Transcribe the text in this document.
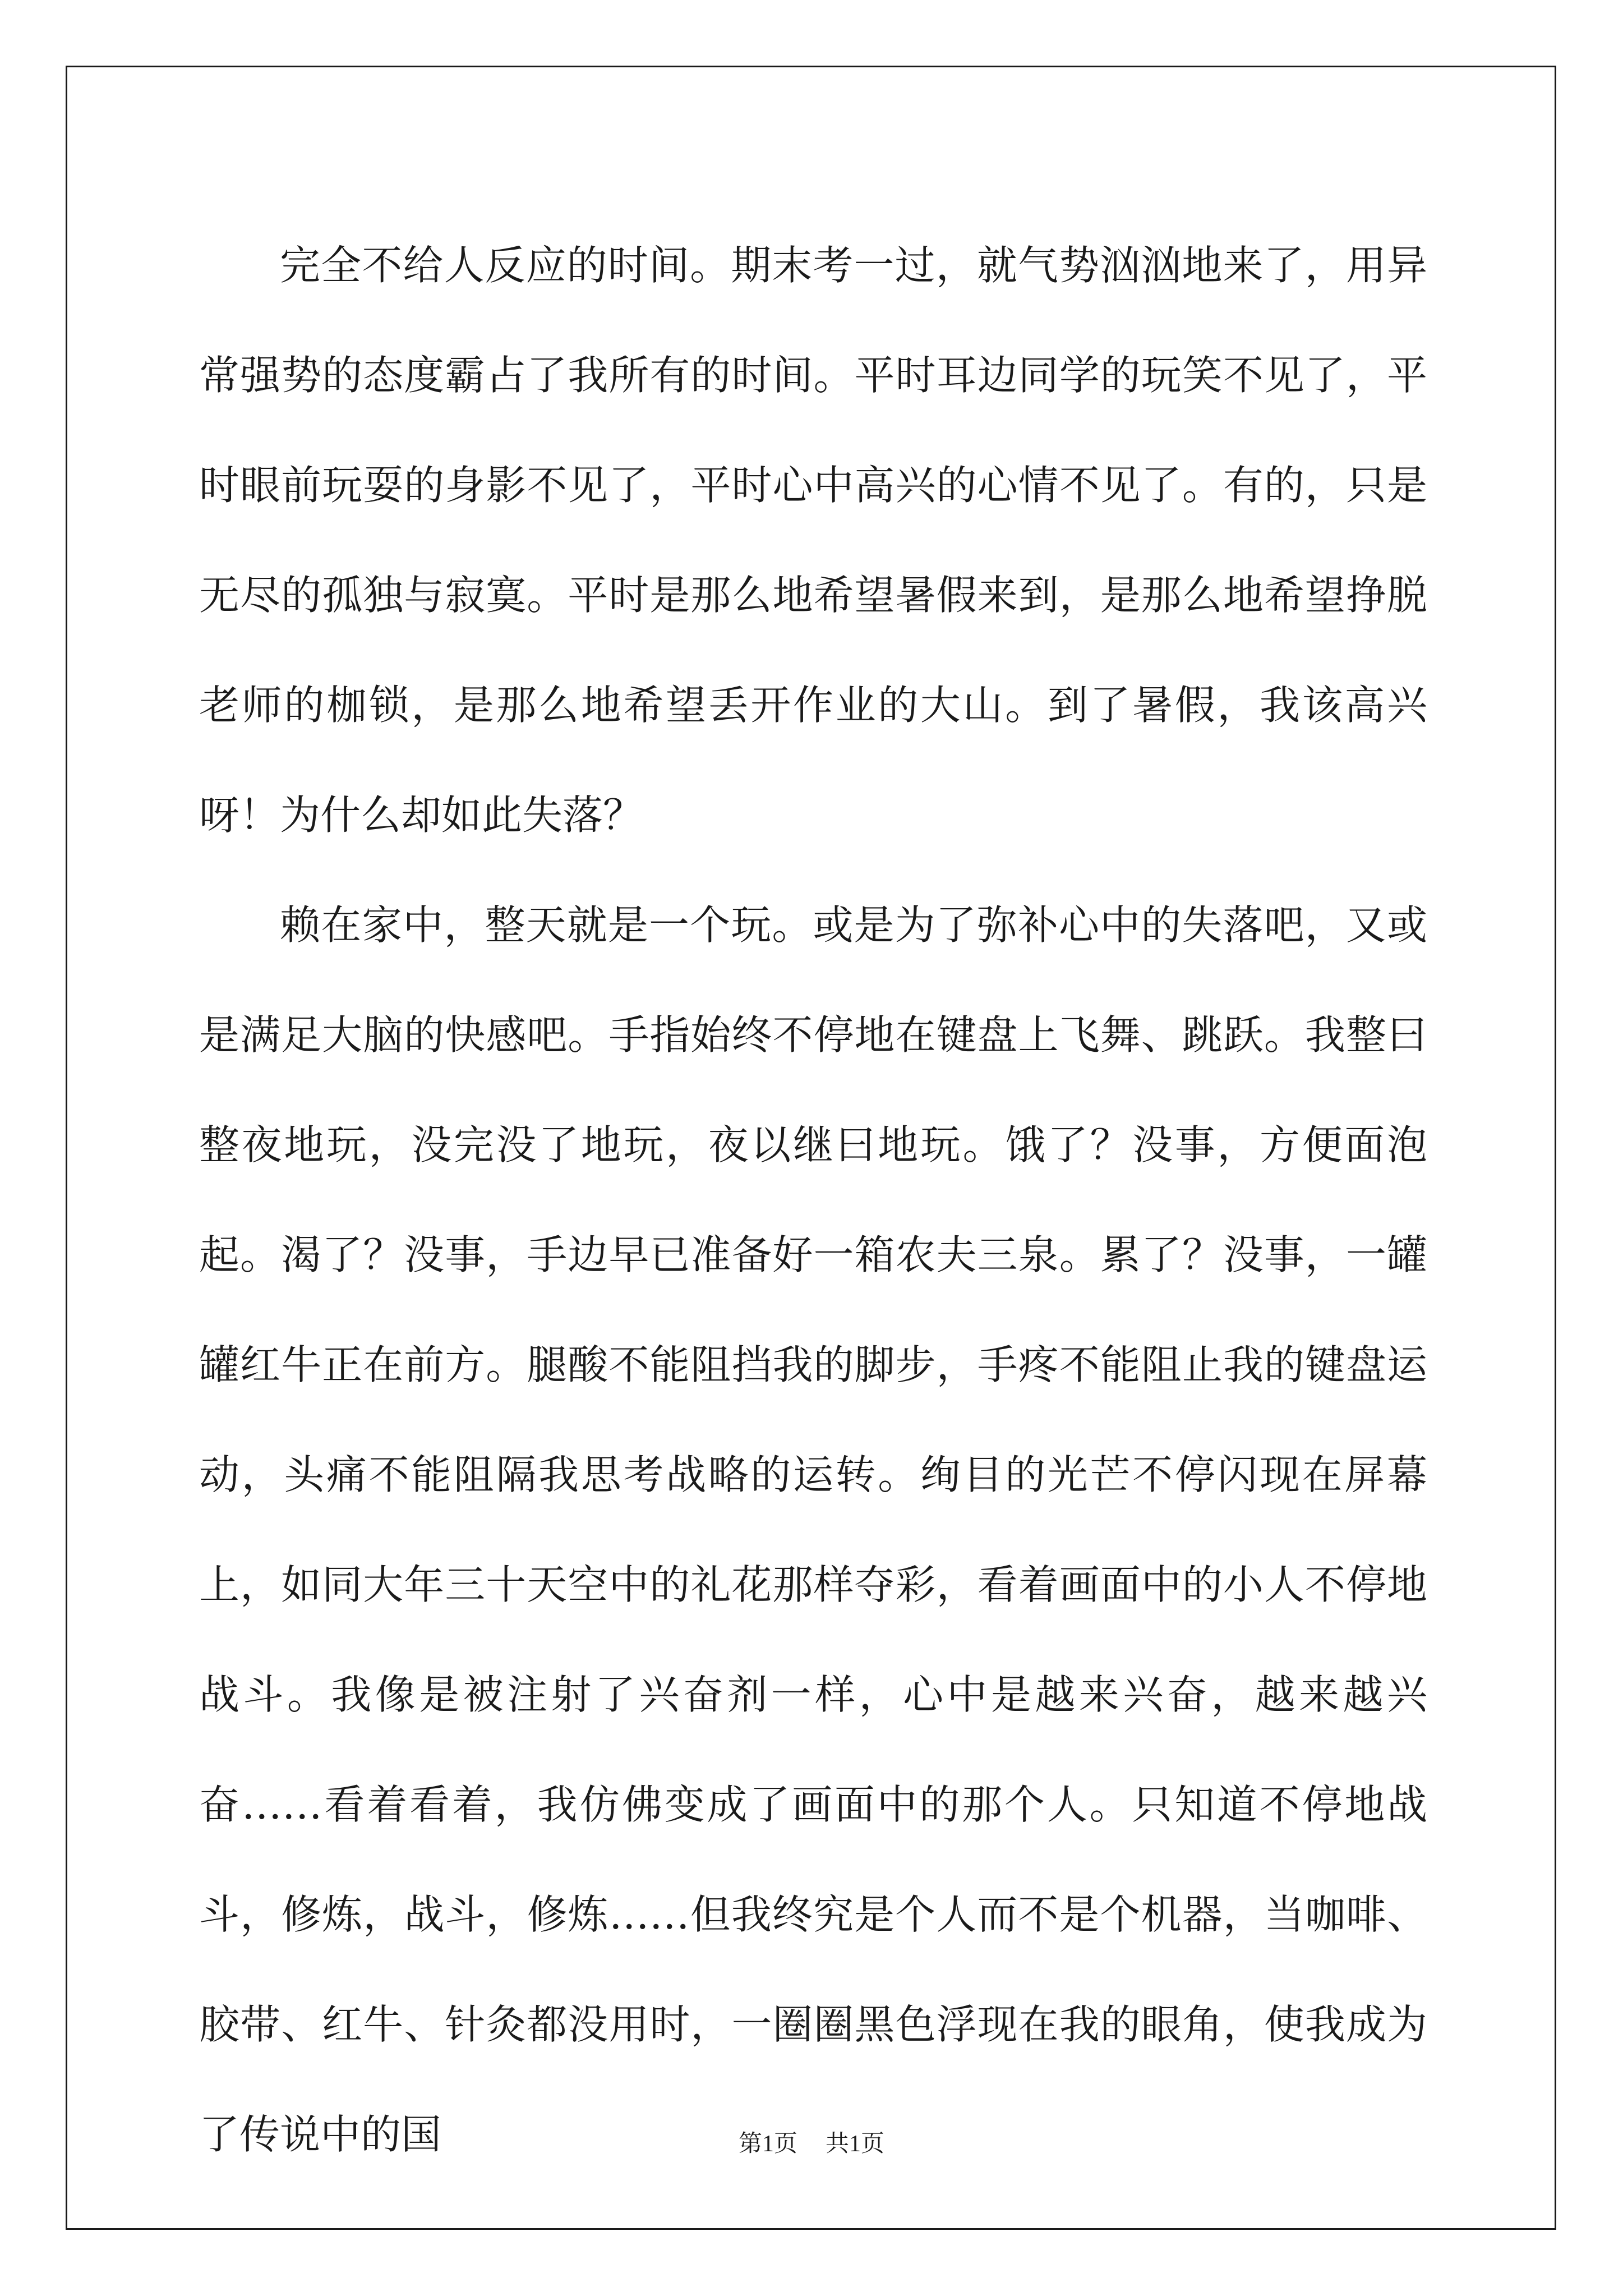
完全不给人反应的时间。期末考一过，就气势汹汹地来了，用异常强势的态度霸占了我所有的时间。平时耳边同学的玩笑不见了，平时眼前玩耍的身影不见了，平时心中高兴的心情不见了。有的，只是无尽的孤独与寂寞。平时是那么地希望暑假来到，是那么地希望挣脱老师的枷锁，是那么地希望丢开作业的大山。到了暑假，我该高兴呀！为什么却如此失落？

赖在家中，整天就是一个玩。或是为了弥补心中的失落吧，又或是满足大脑的快感吧。手指始终不停地在键盘上飞舞、跳跃。我整曰整夜地玩，没完没了地玩，夜以继曰地玩。饿了？没事，方便面泡起。渴了？没事，手边早已准备好一箱农夫三泉。累了？没事，一罐罐红牛正在前方。腿酸不能阻挡我的脚步，手疼不能阻止我的键盘运动，头痛不能阻隔我思考战略的运转。绚目的光芒不停闪现在屏幕上，如同大年三十天空中的礼花那样夺彩，看着画面中的小人不停地战斗。我像是被注射了兴奋剂一样，心中是越来兴奋，越来越兴奋……看着看着，我仿佛变成了画面中的那个人。只知道不停地战斗，修炼，战斗，修炼……但我终究是个人而不是个机器，当咖啡、胶带、红牛、针灸都没用时，一圈圈黑色浮现在我的眼角，使我成为了传说中的国	第1页 共1页
